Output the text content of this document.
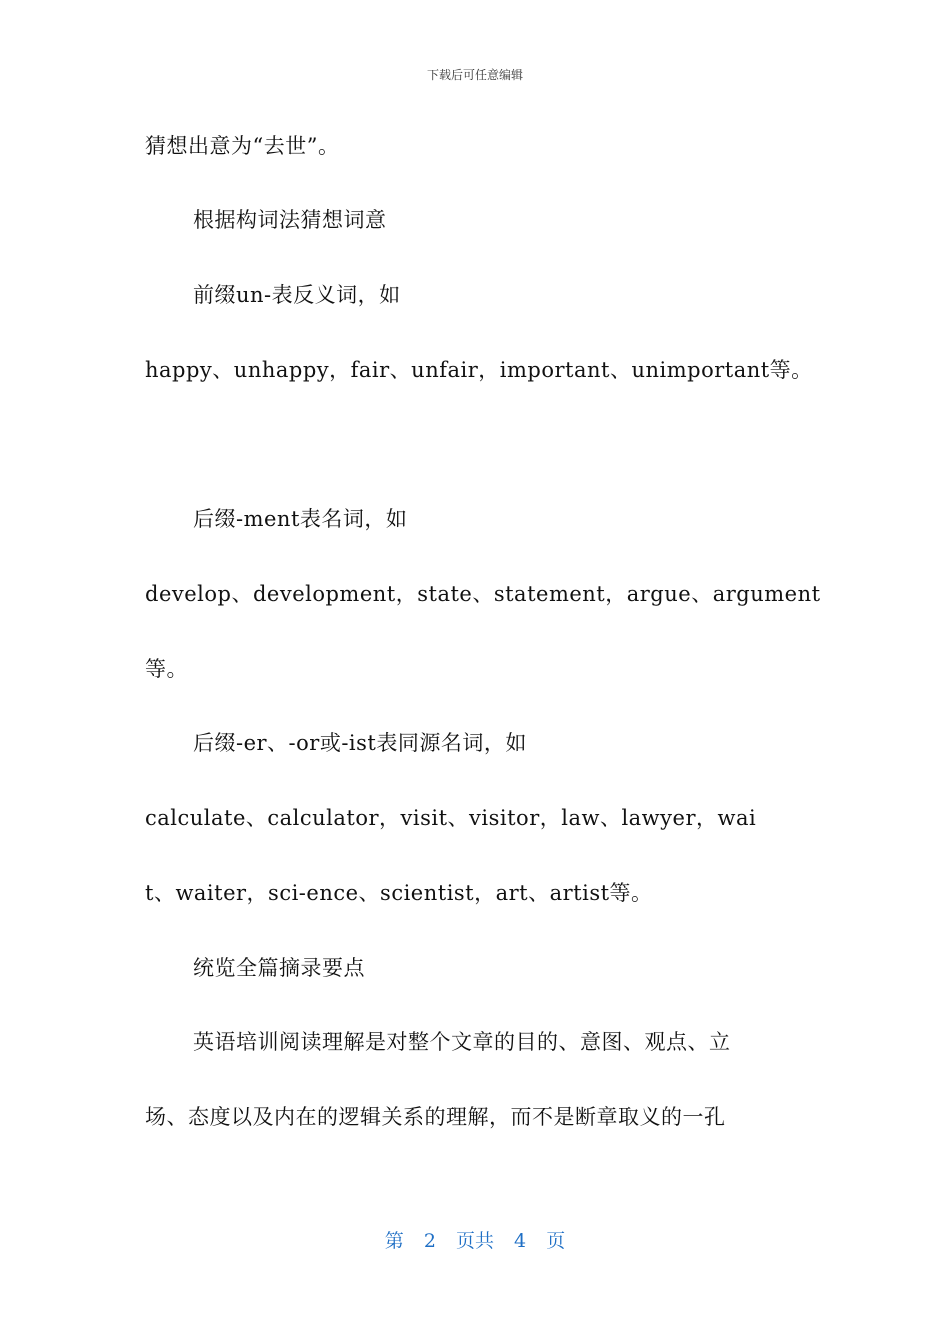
下载后可任意编辑
猜想出意为“去世”。
根据构词法猜想词意
前缀un-表反义词，如
happy、unhappy，fair、unfair，important、unimportant等。
后缀-ment表名词，如
develop、development，state、statement，argue、argument
等。
后缀-er、-or或-ist表同源名词，如
calculate、calculator，visit、visitor，law、lawyer，wai
t、waiter，sci-ence、scientist，art、artist等。
统览全篇摘录要点
英语培训阅读理解是对整个文章的目的、意图、观点、立
场、态度以及内在的逻辑关系的理解，而不是断章取义的一孔
第 2 页共 4 页
